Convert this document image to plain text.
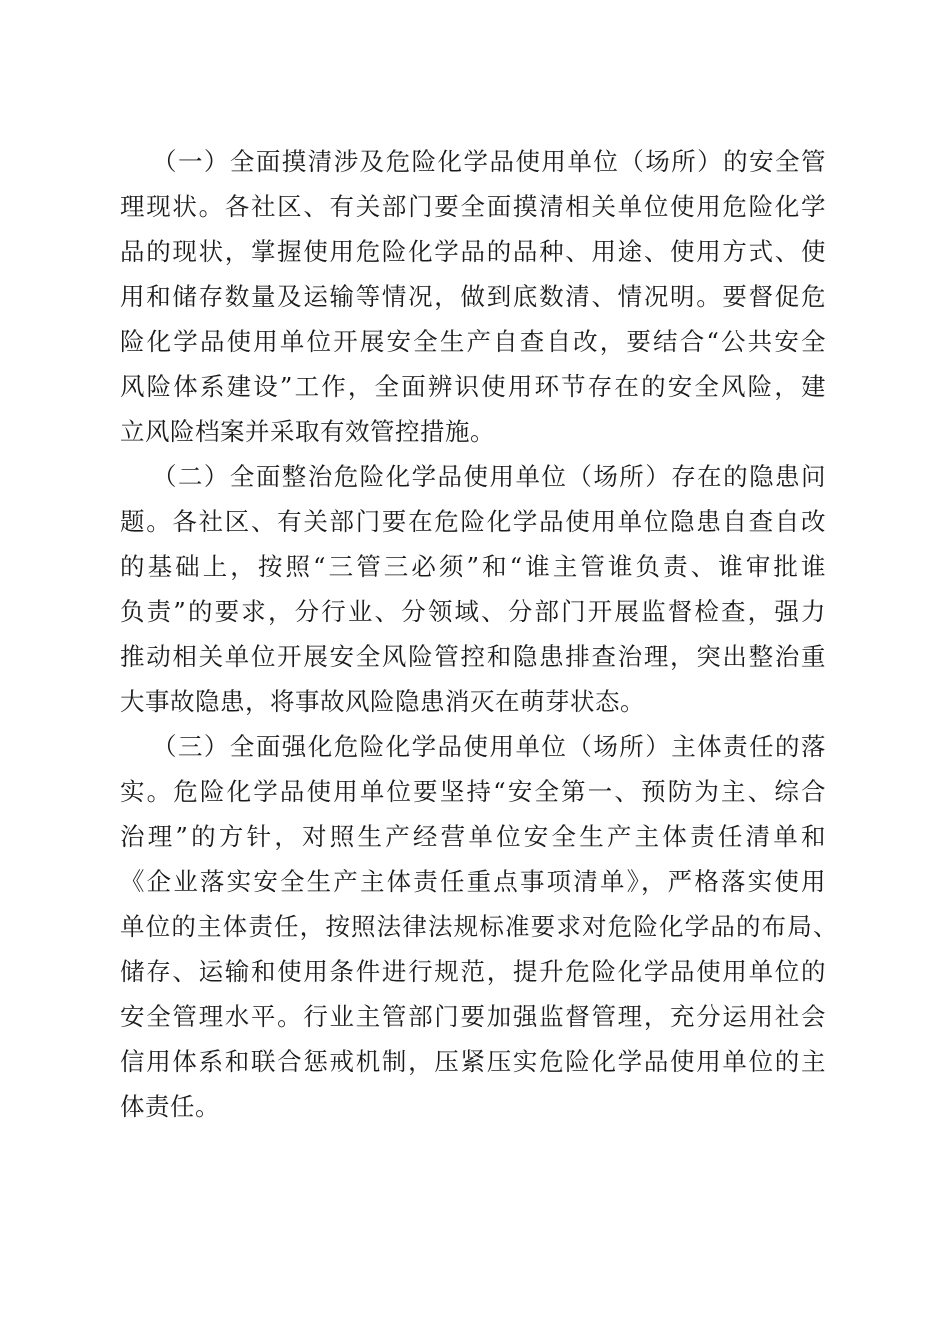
（一）全面摸清涉及危险化学品使用单位（场所）的安全管
理现状。各社区、有关部门要全面摸清相关单位使用危险化学
品的现状，掌握使用危险化学品的品种、用途、使用方式、使
用和储存数量及运输等情况，做到底数清、情况明。要督促危
险化学品使用单位开展安全生产自查自改，要结合“公共安全
风险体系建设”工作，全面辨识使用环节存在的安全风险，建
立风险档案并采取有效管控措施。
（二）全面整治危险化学品使用单位（场所）存在的隐患问
题。各社区、有关部门要在危险化学品使用单位隐患自查自改
的基础上，按照“三管三必须”和“谁主管谁负责、谁审批谁
负责”的要求，分行业、分领域、分部门开展监督检查，强力
推动相关单位开展安全风险管控和隐患排查治理，突出整治重
大事故隐患，将事故风险隐患消灭在萌芽状态。
（三）全面强化危险化学品使用单位（场所）主体责任的落
实。危险化学品使用单位要坚持“安全第一、预防为主、综合
治理”的方针，对照生产经营单位安全生产主体责任清单和
《企业落实安全生产主体责任重点事项清单》，严格落实使用
单位的主体责任，按照法律法规标准要求对危险化学品的布局、
储存、运输和使用条件进行规范，提升危险化学品使用单位的
安全管理水平。行业主管部门要加强监督管理，充分运用社会
信用体系和联合惩戒机制，压紧压实危险化学品使用单位的主
体责任。
